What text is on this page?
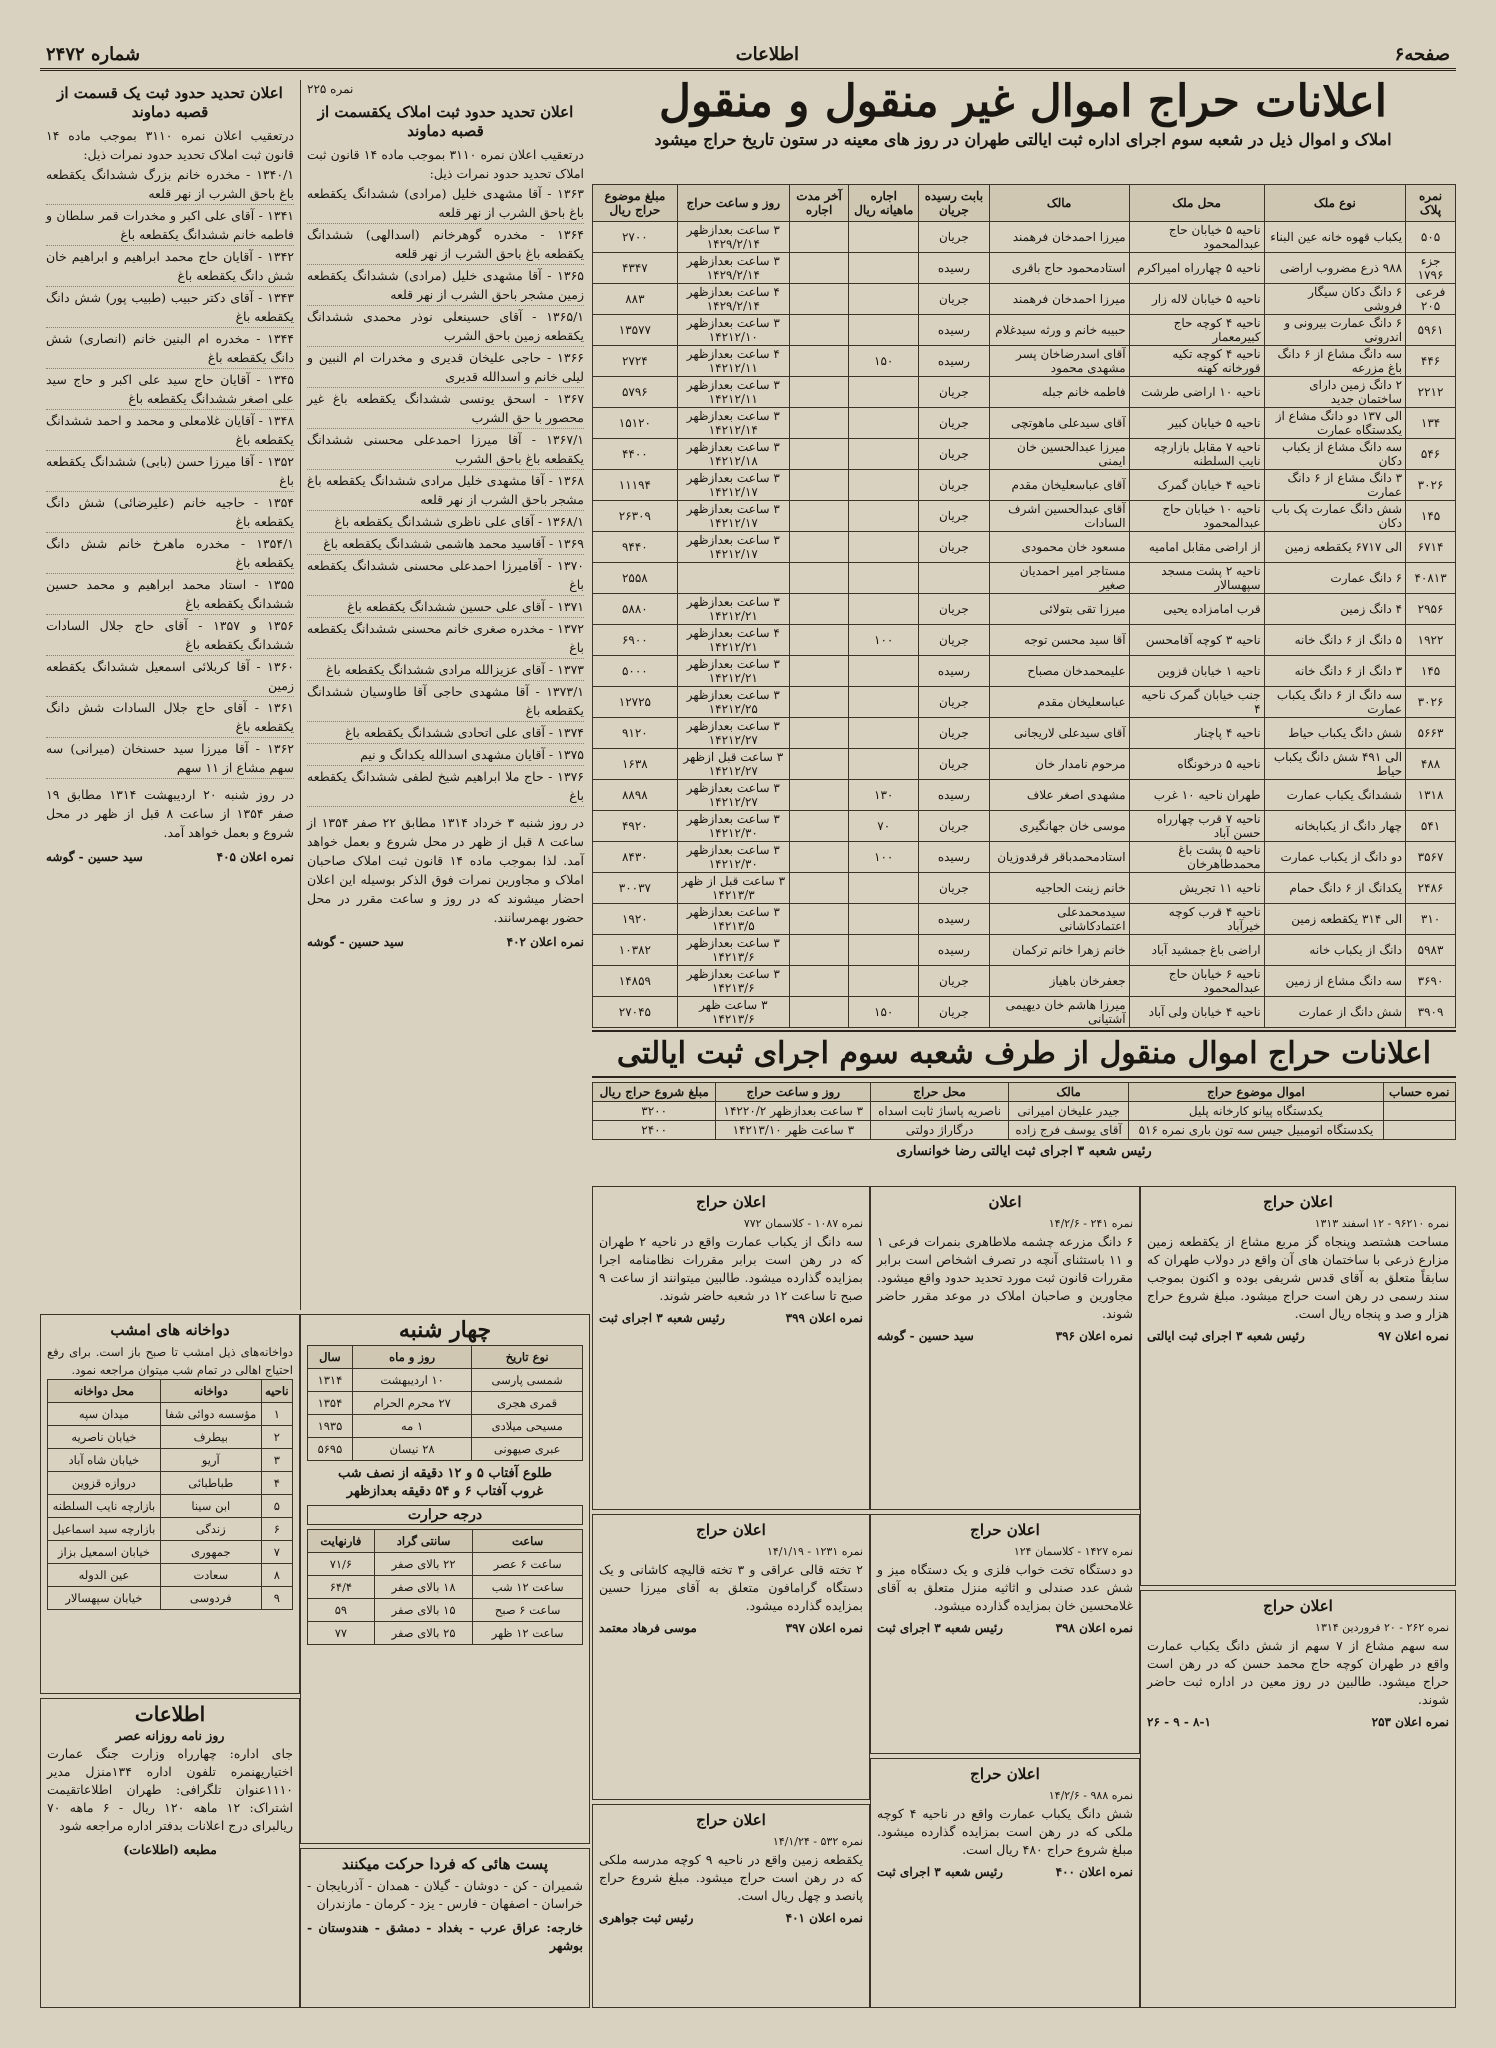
صفحه۶
اطلاعات
شماره ۲۴۷۲
اعلانات حراج اموال غیر منقول و منقول

املاک و اموال ذیل در شعبه سوم اجرای اداره ثبت ایالتی طهران در روز های معینه در ستون تاریخ حراج میشود

نمره پلاک	نوع ملک	محل ملک	مالک	بابت رسیده جریان	اجاره ماهیانه ریال	آخر مدت اجاره	روز و ساعت حراج	مبلغ موضوع حراج ریال
۵۰۵	یکباب قهوه خانه عین البناء	ناحیه ۵ خیابان حاج عبدالمحمود	میرزا احمدخان فرهمند	جریان			۳ ساعت بعدازظهر ۱۴۲۹/۲/۱۴	۲۷۰۰
جزء ۱۷۹۶	۹۸۸ ذرع مضروب اراضی	ناحیه ۵ چهارراه امیراکرم	استادمحمود حاج باقری	رسیده			۳ ساعت بعدازظهر ۱۴۲۹/۲/۱۴	۴۳۴۷
فرعی ۲۰۵	۶ دانگ دکان سیگار فروشی	ناحیه ۵ خیابان لاله زار	میرزا احمدخان فرهمند	جریان			۴ ساعت بعدازظهر ۱۴۲۹/۲/۱۴	۸۸۳
۵۹۶۱	۶ دانگ عمارت بیرونی و اندرونی	ناحیه ۴ کوچه حاج کبیرمعمار	حبیبه خانم و ورثه سیدغلام	رسیده			۳ ساعت بعدازظهر ۱۴۲۱۲/۱۰	۱۳۵۷۷
۴۴۶	سه دانگ مشاع از ۶ دانگ باغ مزرعه	ناحیه ۴ کوچه تکیه قورخانه کهنه	آقای اسدرضاخان پسر مشهدی محمود	رسیده	۱۵۰		۴ ساعت بعدازظهر ۱۴۲۱۲/۱۱	۲۷۲۴
۲۲۱۲	۲ دانگ زمین دارای ساختمان جدید	ناحیه ۱۰ اراضی طرشت	فاطمه خانم جبله	جریان			۳ ساعت بعدازظهر ۱۴۲۱۲/۱۱	۵۷۹۶
۱۳۴	الی ۱۳۷ دو دانگ مشاع از یکدستگاه عمارت	ناحیه ۵ خیابان کبیر	آقای سیدعلی ماهوتچی	جریان			۳ ساعت بعدازظهر ۱۴۲۱۲/۱۴	۱۵۱۲۰
۵۴۶	سه دانگ مشاع از یکباب دکان	ناحیه ۷ مقابل بازارچه نایب السلطنه	میرزا عبدالحسین خان ایمنی	جریان			۳ ساعت بعدازظهر ۱۴۲۱۲/۱۸	۴۴۰۰
۳۰۲۶	۳ دانگ مشاع از ۶ دانگ عمارت	ناحیه ۴ خیابان گمرک	آقای عباسعلیخان مقدم	جریان			۳ ساعت بعدازظهر ۱۴۲۱۲/۱۷	۱۱۱۹۴
۱۴۵	شش دانگ عمارت پک باب دکان	ناحیه ۱۰ خیابان حاج عبدالمحمود	آقای عبدالحسین اشرف السادات	جریان			۳ ساعت بعدازظهر ۱۴۲۱۲/۱۷	۲۶۳۰۹
۶۷۱۴	الی ۶۷۱۷ یکقطعه زمین	از اراضی مقابل امامیه	مسعود خان محمودی	جریان			۳ ساعت بعدازظهر ۱۴۲۱۲/۱۷	۹۴۴۰
۴۰۸۱۳	۶ دانگ عمارت	ناحیه ۲ پشت مسجد سپهسالار	مستاجر امیر احمدیان صغیر					۲۵۵۸
۲۹۵۶	۴ دانگ زمین	قرب امامزاده یحیی	میرزا تقی بتولائی	جریان			۳ ساعت بعدازظهر ۱۴۲۱۲/۲۱	۵۸۸۰
۱۹۲۲	۵ دانگ از ۶ دانگ خانه	ناحیه ۳ کوچه آقامحسن	آقا سید محسن توجه	جریان	۱۰۰		۴ ساعت بعدازظهر ۱۴۲۱۲/۲۱	۶۹۰۰
۱۴۵	۳ دانگ از ۶ دانگ خانه	ناحیه ۱ خیابان قزوین	علیمحمدخان مصباح	رسیده			۳ ساعت بعدازظهر ۱۴۲۱۲/۲۱	۵۰۰۰
۳۰۲۶	سه دانگ از ۶ دانگ یکباب عمارت	جنب خیابان گمرک ناحیه ۴	عباسعلیخان مقدم	جریان			۳ ساعت بعدازظهر ۱۴۲۱۲/۲۵	۱۲۷۲۵
۵۶۶۳	شش دانگ یکباب حیاط	ناحیه ۴ پاچنار	آقای سیدعلی لاریجانی	جریان			۳ ساعت بعدازظهر ۱۴۲۱۲/۲۷	۹۱۲۰
۴۸۸	الی ۴۹۱ شش دانگ یکباب حیاط	ناحیه ۵ درخونگاه	مرحوم نامدار خان	جریان			۳ ساعت قبل ازظهر ۱۴۲۱۲/۲۷	۱۶۳۸
۱۳۱۸	ششدانگ یکباب عمارت	طهران ناحیه ۱۰ غرب	مشهدی اصغر علاف	رسیده	۱۳۰		۳ ساعت بعدازظهر ۱۴۲۱۲/۲۷	۸۸۹۸
۵۴۱	چهار دانگ از یکبابخانه	ناحیه ۷ قرب چهارراه حسن آباد	موسی خان جهانگیری	جریان	۷۰		۳ ساعت بعدازظهر ۱۴۲۱۲/۳۰	۴۹۲۰
۳۵۶۷	دو دانگ از یکباب عمارت	ناحیه ۵ پشت باغ محمدطاهرخان	استادمحمدباقر قرقدوزیان	رسیده	۱۰۰		۳ ساعت بعدازظهر ۱۴۲۱۲/۳۰	۸۴۳۰
۲۴۸۶	یکدانگ از ۶ دانگ حمام	ناحیه ۱۱ تجریش	خانم زینت الحاجیه	جریان			۳ ساعت قبل از ظهر ۱۴۲۱۳/۳	۳۰۰۳۷
۳۱۰	الی ۳۱۴ یکقطعه زمین	ناحیه ۴ قرب کوچه خیرآباد	سیدمحمدعلی اعتمادکاشانی	رسیده			۳ ساعت بعدازظهر ۱۴۲۱۳/۵	۱۹۲۰
۵۹۸۳	دانگ از یکباب خانه	اراضی باغ جمشید آباد	خانم زهرا خانم ترکمان	رسیده			۳ ساعت بعدازظهر ۱۴۲۱۳/۶	۱۰۳۸۲
۳۶۹۰	سه دانگ مشاع از زمین	ناحیه ۶ خیابان حاج عبدالمحمود	جعفرخان باهیاز	جریان			۳ ساعت بعدازظهر ۱۴۲۱۳/۶	۱۴۸۵۹
۳۹۰۹	شش دانگ از عمارت	ناحیه ۴ خیابان ولی آباد	میرزا هاشم خان دیهیمی آشتیانی	جریان	۱۵۰		۳ ساعت ظهر ۱۴۲۱۳/۶	۲۷۰۴۵
اعلانات حراج اموال منقول از طرف شعبه سوم اجرای ثبت ایالتی
نمره حساب	اموال موضوع حراج	مالک	محل حراج	روز و ساعت حراج	مبلغ شروع حراج ریال
	یکدستگاه پیانو کارخانه پلیل	جیدر علیخان امیرانی	ناصریه پاساژ ثابت اسداه	۳ ساعت بعدازظهر ۱۴۲۲۰/۲	۳۲۰۰
	یکدستگاه اتومبیل جیس سه تون باری نمره ۵۱۶	آقای یوسف فرج زاده	درگاراژ دولتی	۳ ساعت ظهر ۱۴۲۱۳/۱۰	۲۴۰۰
رئیس شعبه ۳ اجرای ثبت ایالتی رضا خوانساری
نمره ۲۲۵
اعلان تحدید حدود ثبت املاک یکقسمت از قصبه دماوند
درتعقیب اعلان نمره ۳۱۱۰ بموجب ماده ۱۴ قانون ثبت املاک تحدید حدود نمرات ذیل:
۱۳۶۳ - آقا مشهدی خلیل (مرادی) ششدانگ یکقطعه باغ باحق الشرب از نهر قلعه
۱۳۶۴ - مخدره گوهرخانم (اسدالهی) ششدانگ یکقطعه باغ باحق الشرب از نهر قلعه
۱۳۶۵ - آقا مشهدی خلیل (مرادی) ششدانگ یکقطعه زمین مشجر باحق الشرب از نهر قلعه
۱۳۶۵/۱ - آقای حسینعلی نوذر محمدی ششدانگ یکقطعه زمین باحق الشرب
۱۳۶۶ - حاجی علیخان قدیری و مخدرات ام النبین و لیلی خانم و اسدالله قدیری
۱۳۶۷ - اسحق یونسی ششدانگ یکقطعه باغ غیر محصور با حق الشرب
۱۳۶۷/۱ - آقا میرزا احمدعلی محسنی ششدانگ یکقطعه باغ باحق الشرب
۱۳۶۸ - آقا مشهدی خلیل مرادی ششدانگ یکقطعه باغ مشجر باحق الشرب از نهر قلعه
۱۳۶۸/۱ - آقای علی ناظری ششدانگ یکقطعه باغ
۱۳۶۹ - آقاسید محمد هاشمی ششدانگ یکقطعه باغ
۱۳۷۰ - آقامیرزا احمدعلی محسنی ششدانگ یکقطعه باغ
۱۳۷۱ - آقای علی حسین ششدانگ یکقطعه باغ
۱۳۷۲ - مخدره صغری خانم محسنی ششدانگ یکقطعه باغ
۱۳۷۳ - آقای عزیزالله مرادی ششدانگ یکقطعه باغ
۱۳۷۳/۱ - آقا مشهدی حاجی آقا طاوسیان ششدانگ یکقطعه باغ
۱۳۷۴ - آقای علی اتحادی ششدانگ یکقطعه باغ
۱۳۷۵ - آقایان مشهدی اسدالله یکدانگ و نیم
۱۳۷۶ - حاج ملا ابراهیم شیخ لطفی ششدانگ یکقطعه باغ
در روز شنبه ۳ خرداد ۱۳۱۴ مطابق ۲۲ صفر ۱۳۵۴ از ساعت ۸ قبل از ظهر در محل شروع و بعمل خواهد آمد. لذا بموجب ماده ۱۴ قانون ثبت املاک صاحبان املاک و مجاورین نمرات فوق الذکر بوسیله این اعلان احضار میشوند که در روز و ساعت مقرر در محل حضور بهمرسانند.
نمره اعلان ۴۰۲
سید حسین - گوشه
اعلان تحدید حدود ثبت یک قسمت از قصبه دماوند
درتعقیب اعلان نمره ۳۱۱۰ بموجب ماده ۱۴ قانون ثبت املاک تحدید حدود نمرات ذیل:
۱۳۴۰/۱ - مخدره خانم بزرگ ششدانگ یکقطعه باغ باحق الشرب از نهر قلعه
۱۳۴۱ - آقای علی اکبر و مخدرات قمر سلطان و فاطمه خانم ششدانگ یکقطعه باغ
۱۳۴۲ - آقایان حاج محمد ابراهیم و ابراهیم خان شش دانگ یکقطعه باغ
۱۳۴۳ - آقای دکتر حبیب (طبیب پور) شش دانگ یکقطعه باغ
۱۳۴۴ - مخدره ام البنین خانم (انصاری) شش دانگ یکقطعه باغ
۱۳۴۵ - آقایان حاج سید علی اکبر و حاج سید علی اصغر ششدانگ یکقطعه باغ
۱۳۴۸ - آقایان غلامعلی و محمد و احمد ششدانگ یکقطعه باغ
۱۳۵۲ - آقا میرزا حسن (بابی) ششدانگ یکقطعه باغ
۱۳۵۴ - حاجیه خانم (علیرضائی) شش دانگ یکقطعه باغ
۱۳۵۴/۱ - مخدره ماهرخ خانم شش دانگ یکقطعه باغ
۱۳۵۵ - استاد محمد ابراهیم و محمد حسین ششدانگ یکقطعه باغ
۱۳۵۶ و ۱۳۵۷ - آقای حاج جلال السادات ششدانگ یکقطعه باغ
۱۳۶۰ - آقا کربلائی اسمعیل ششدانگ یکقطعه زمین
۱۳۶۱ - آقای حاج جلال السادات شش دانگ یکقطعه باغ
۱۳۶۲ - آقا میرزا سید حسنخان (میرانی) سه سهم مشاع از ۱۱ سهم
در روز شنبه ۲۰ اردیبهشت ۱۳۱۴ مطابق ۱۹ صفر ۱۳۵۴ از ساعت ۸ قبل از ظهر در محل شروع و بعمل خواهد آمد.
نمره اعلان ۴۰۵
سید حسین - گوشه
اعلان حراج
نمره ۹۶۲۱۰ - ۱۲ اسفند ۱۳۱۳
مساحت هشتصد وپنجاه گز مربع مشاع از یکقطعه زمین مزارع ذرعی با ساختمان های آن واقع در دولاب طهران که سابقاً متعلق به آقای قدس شریفی بوده و اکنون بموجب سند رسمی در رهن است حراج میشود. مبلغ شروع حراج هزار و صد و پنجاه ریال است.
نمره اعلان ۹۷
رئیس شعبه ۳ اجرای ثبت ایالتی
اعلان
نمره ۲۴۱ - ۱۴/۲/۶
۶ دانگ مزرعه چشمه ملاطاهری بنمرات فرعی ۱ و ۱۱ باستثنای آنچه در تصرف اشخاص است برابر مقررات قانون ثبت مورد تحدید حدود واقع میشود. مجاورین و صاحبان املاک در موعد مقرر حاضر شوند.
نمره اعلان ۳۹۶
سید حسین - گوشه
اعلان حراج
نمره ۱۰۸۷ - کلاسمان ۷۷۲
سه دانگ از یکباب عمارت واقع در ناحیه ۲ طهران که در رهن است برابر مقررات نظامنامه اجرا بمزایده گذارده میشود. طالبین میتوانند از ساعت ۹ صبح تا ساعت ۱۲ در شعبه حاضر شوند.
نمره اعلان ۳۹۹
رئیس شعبه ۳ اجرای ثبت
اعلان حراج
نمره ۲۶۲ - ۲۰ فروردین ۱۳۱۴
سه سهم مشاع از ۷ سهم از شش دانگ یکباب عمارت واقع در طهران کوچه حاج محمد حسن که در رهن است حراج میشود. طالبین در روز معین در اداره ثبت حاضر شوند.
نمره اعلان ۲۵۳
۸-۱ - ۹ - ۲۶
اعلان حراج
نمره ۱۴۲۷ - کلاسمان ۱۲۴
دو دستگاه تخت خواب فلزی و یک دستگاه میز و شش عدد صندلی و اثاثیه منزل متعلق به آقای غلامحسین خان بمزایده گذارده میشود.
نمره اعلان ۳۹۸
رئیس شعبه ۳ اجرای ثبت
اعلان حراج
نمره ۱۲۳۱ - ۱۴/۱/۱۹
۲ تخته قالی عراقی و ۳ تخته قالیچه کاشانی و یک دستگاه گرامافون متعلق به آقای میرزا حسین بمزایده گذارده میشود.
نمره اعلان ۳۹۷
موسی فرهاد معتمد
اعلان حراج
نمره ۹۸۸ - ۱۴/۲/۶
شش دانگ یکباب عمارت واقع در ناحیه ۴ کوچه ملکی که در رهن است بمزایده گذارده میشود. مبلغ شروع حراج ۴۸۰ ریال است.
نمره اعلان ۴۰۰
رئیس شعبه ۳ اجرای ثبت
اعلان حراج
نمره ۵۳۲ - ۱۴/۱/۲۴
یکقطعه زمین واقع در ناحیه ۹ کوچه مدرسه ملکی که در رهن است حراج میشود. مبلغ شروع حراج پانصد و چهل ریال است.
نمره اعلان ۴۰۱
رئیس ثبت جواهری
چهار شنبه
نوع تاریخ	روز و ماه	سال
شمسی پارسی	۱۰ اردیبهشت	۱۳۱۴
قمری هجری	۲۷ محرم الحرام	۱۳۵۴
مسیحی میلادی	۱ مه	۱۹۳۵
عبری صیهونی	۲۸ نیسان	۵۶۹۵
طلوع آفتاب ۵ و ۱۲ دقیقه از نصف شب
غروب آفتاب ۶ و ۵۴ دقیقه بعدازظهر
درجه حرارت
ساعت	سانتی گراد	فارنهایت
ساعت ۶ عصر	۲۲ بالای صفر	۷۱/۶
ساعت ۱۲ شب	۱۸ بالای صفر	۶۴/۴
ساعت ۶ صبح	۱۵ بالای صفر	۵۹
ساعت ۱۲ ظهر	۲۵ بالای صفر	۷۷
پست هائی که فردا حرکت میکنند
شمیران - کن - دوشان - گیلان - همدان - آذربایجان - خراسان - اصفهان - فارس - یزد - کرمان - مازندران
خارجه: عراق عرب - بغداد - دمشق - هندوستان - بوشهر
دواخانه های امشب
دواخانه‌های ذیل امشب تا صبح باز است. برای رفع احتیاج اهالی در تمام شب میتوان مراجعه نمود.
ناحیه	دواخانه	محل دواخانه
۱	مؤسسه دوائی شفا	میدان سپه
۲	بیطرف	خیابان ناصریه
۳	آریو	خیابان شاه آباد
۴	طباطبائی	دروازه قزوین
۵	ابن سینا	بازارچه نایب السلطنه
۶	زندگی	بازارچه سید اسماعیل
۷	جمهوری	خیابان اسمعیل بزاز
۸	سعادت	عین الدوله
۹	فردوسی	خیابان سپهسالار
اطلاعات
روز نامه روزانه عصر
جای اداره: چهارراه وزارت جنگ عمارت اختیاریهنمره تلفون اداره ۱۳۴منزل مدیر ۱۱۱۰عنوان تلگرافی: طهران اطلاعاتقیمت اشتراک: ۱۲ ماهه ۱۲۰ ریال - ۶ ماهه ۷۰ ریالبرای درج اعلانات بدفتر اداره مراجعه شود
مطبعه (اطلاعات)
